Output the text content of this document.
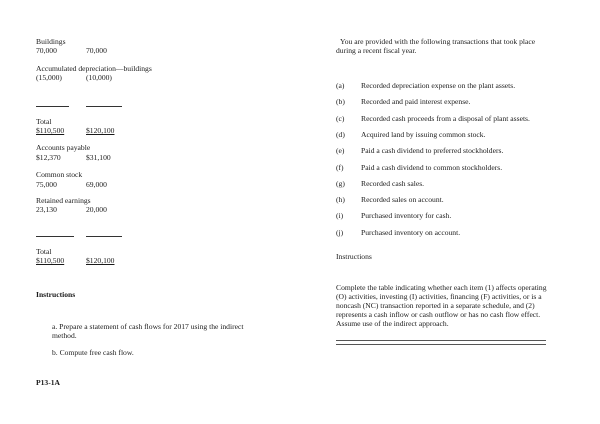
Buildings
70,000	70,000
Accumulated depreciation—buildings
(15,000)	(10,000)
Total
$110,500	$120,100
Accounts payable
$12,370	$31,100
Common stock
75,000	69,000
Retained earnings
23,130	20,000
Total
$110,500	$120,100
Instructions
a. Prepare a statement of cash flows for 2017 using the indirect method.
b. Compute free cash flow.
P13-1A
You are provided with the following transactions that took place during a recent fiscal year.
(a) Recorded depreciation expense on the plant assets.
(b) Recorded and paid interest expense.
(c) Recorded cash proceeds from a disposal of plant assets.
(d) Acquired land by issuing common stock.
(e) Paid a cash dividend to preferred stockholders.
(f) Paid a cash dividend to common stockholders.
(g) Recorded cash sales.
(h) Recorded sales on account.
(i) Purchased inventory for cash.
(j) Purchased inventory on account.
Instructions
Complete the table indicating whether each item (1) affects operating (O) activities, investing (I) activities, financing (F) activities, or is a noncash (NC) transaction reported in a separate schedule, and (2) represents a cash inflow or cash outflow or has no cash flow effect. Assume use of the indirect approach.
